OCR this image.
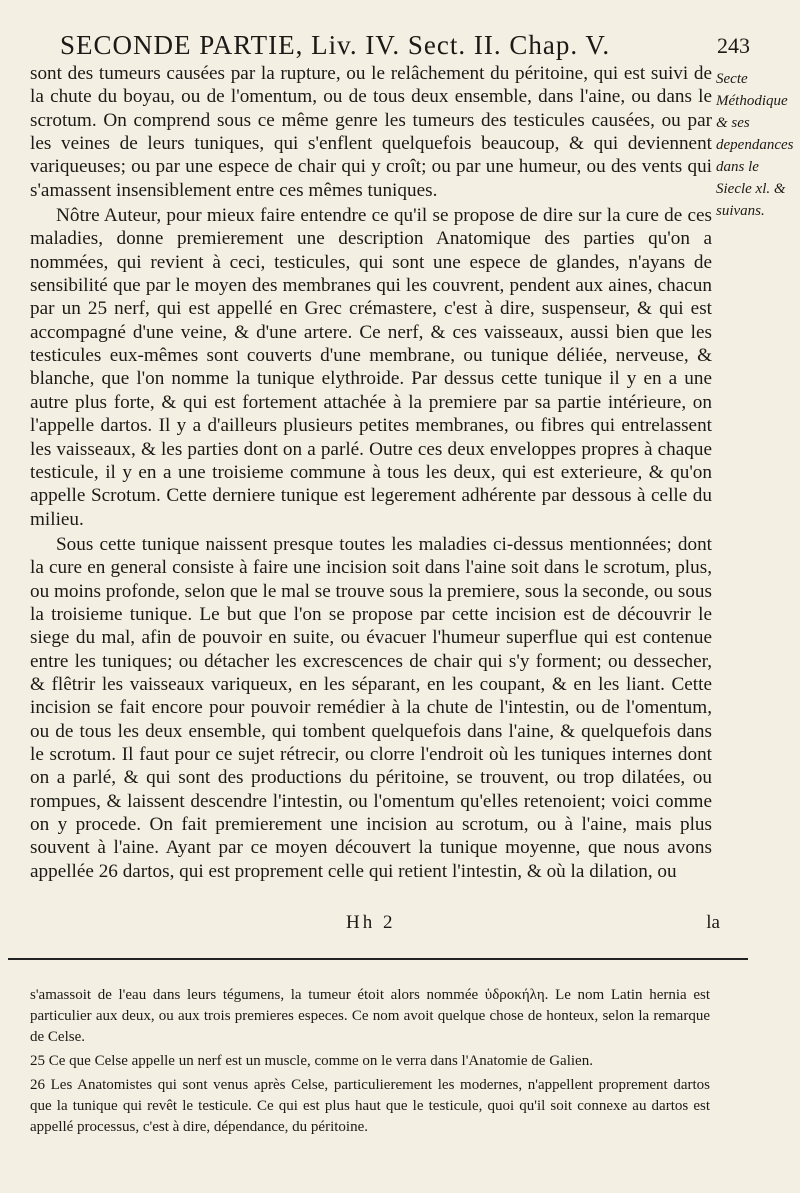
SECONDE PARTIE, Liv. IV. Sect. II. Chap. V.	243

sont des tumeurs causées par la rupture, ou le relâchement du péritoine, qui est suivi de la chute du boyau, ou de l'omentum, ou de tous deux ensemble, dans l'aine, ou dans le scrotum. On comprend sous ce même genre les tumeurs des testicules causées, ou par les veines de leurs tuniques, qui s'enflent quelquefois beaucoup, & qui deviennent variqueuses; ou par une espece de chair qui y croît; ou par une humeur, ou des vents qui s'amassent insensiblement entre ces mêmes tuniques.

Nôtre Auteur, pour mieux faire entendre ce qu'il se propose de dire sur la cure de ces maladies, donne premierement une description Anatomique des parties qu'on a nommées, qui revient à ceci, testicules, qui sont une espece de glandes, n'ayans de sensibilité que par le moyen des membranes qui les couvrent, pendent aux aines, chacun par un 25 nerf, qui est appellé en Grec crémastere, c'est à dire, suspenseur, & qui est accompagné d'une veine, & d'une artere. Ce nerf, & ces vaisseaux, aussi bien que les testicules eux-mêmes sont couverts d'une membrane, ou tunique déliée, nerveuse, & blanche, que l'on nomme la tunique elythroide. Par dessus cette tunique il y en a une autre plus forte, & qui est fortement attachée à la premiere par sa partie intérieure, on l'appelle dartos. Il y a d'ailleurs plusieurs petites membranes, ou fibres qui entrelassent les vaisseaux, & les parties dont on a parlé. Outre ces deux enveloppes propres à chaque testicule, il y en a une troisieme commune à tous les deux, qui est exterieure, & qu'on appelle Scrotum. Cette derniere tunique est legerement adhérente par dessous à celle du milieu.

Sous cette tunique naissent presque toutes les maladies ci-dessus mentionnées; dont la cure en general consiste à faire une incision soit dans l'aine soit dans le scrotum, plus, ou moins profonde, selon que le mal se trouve sous la premiere, sous la seconde, ou sous la troisieme tunique. Le but que l'on se propose par cette incision est de découvrir le siege du mal, afin de pouvoir en suite, ou évacuer l'humeur superflue qui est contenue entre les tuniques; ou détacher les excrescences de chair qui s'y forment; ou dessecher, & flêtrir les vaisseaux variqueux, en les séparant, en les coupant, & en les liant. Cette incision se fait encore pour pouvoir remédier à la chute de l'intestin, ou de l'omentum, ou de tous les deux ensemble, qui tombent quelquefois dans l'aine, & quelquefois dans le scrotum. Il faut pour ce sujet rétrecir, ou clorre l'endroit où les tuniques internes dont on a parlé, & qui sont des productions du péritoine, se trouvent, ou trop dilatées, ou rompues, & laissent descendre l'intestin, ou l'omentum qu'elles retenoient; voici comme on y procede. On fait premierement une incision au scrotum, ou à l'aine, mais plus souvent à l'aine. Ayant par ce moyen découvert la tunique moyenne, que nous avons appellée 26 dartos, qui est proprement celle qui retient l'intestin, & où la dilation, ou

Secte Méthodique & ses dependances dans le Siecle xl. & suivans.
Hh 2	la

s'amassoit de l'eau dans leurs tégumens, la tumeur étoit alors nommée ὑδροκήλη. Le nom Latin hernia est particulier aux deux, ou aux trois premieres especes. Ce nom avoit quelque chose de honteux, selon la remarque de Celse.

25 Ce que Celse appelle un nerf est un muscle, comme on le verra dans l'Anatomie de Galien.

26 Les Anatomistes qui sont venus après Celse, particulierement les modernes, n'appellent proprement dartos que la tunique qui revêt le testicule. Ce qui est plus haut que le testicule, quoi qu'il soit connexe au dartos est appellé processus, c'est à dire, dépendance, du péritoine.
